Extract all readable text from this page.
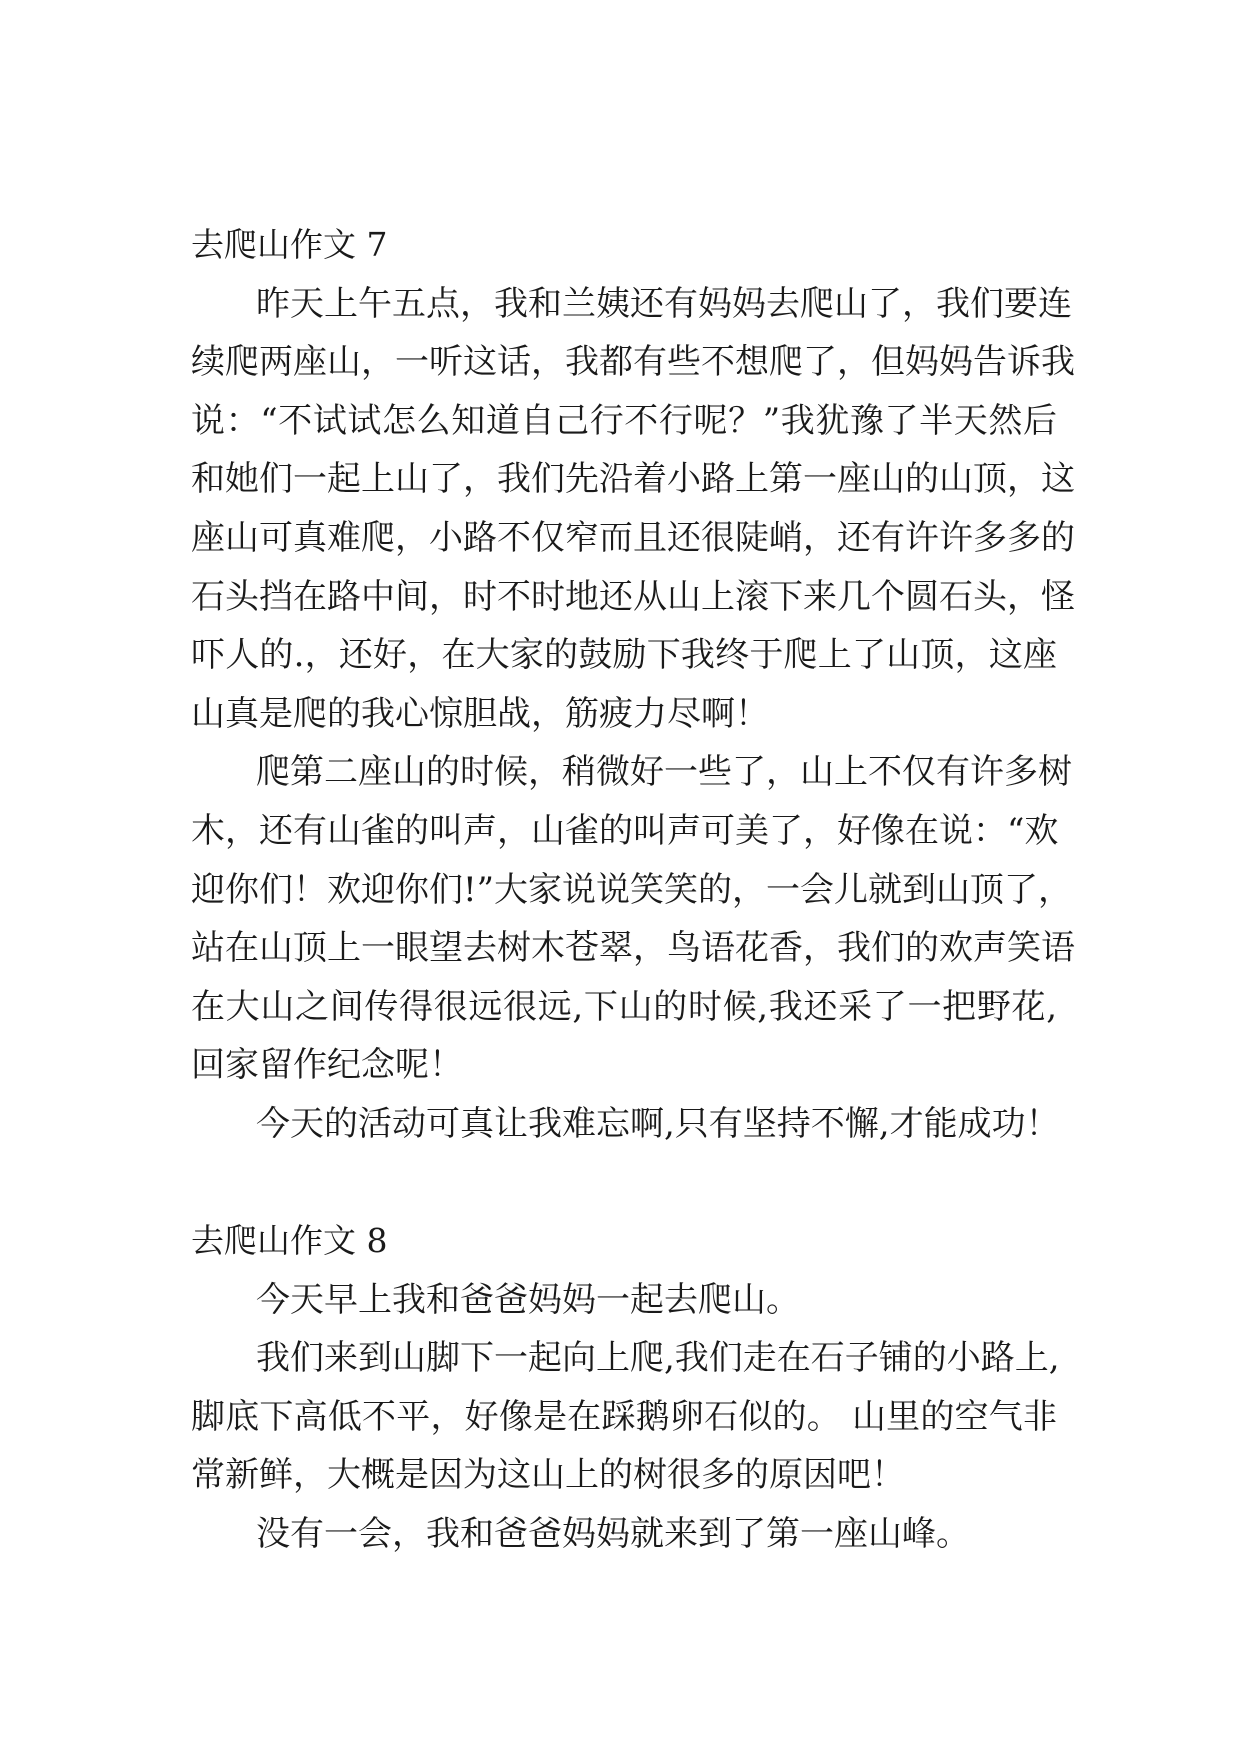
去爬山作文 7
昨天上午五点，我和兰姨还有妈妈去爬山了，我们要连
续爬两座山，一听这话，我都有些不想爬了，但妈妈告诉我
说：“不试试怎么知道自己行不行呢？”我犹豫了半天然后
和她们一起上山了，我们先沿着小路上第一座山的山顶，这
座山可真难爬，小路不仅窄而且还很陡峭，还有许许多多的
石头挡在路中间，时不时地还从山上滚下来几个圆石头，怪
吓人的.，还好，在大家的鼓励下我终于爬上了山顶，这座
山真是爬的我心惊胆战，筋疲力尽啊！
爬第二座山的时候，稍微好一些了，山上不仅有许多树
木，还有山雀的叫声，山雀的叫声可美了，好像在说：“欢
迎你们！欢迎你们!”大家说说笑笑的，一会儿就到山顶了，
站在山顶上一眼望去树木苍翠，鸟语花香，我们的欢声笑语
在大山之间传得很远很远,下山的时候,我还采了一把野花,
回家留作纪念呢！
今天的活动可真让我难忘啊,只有坚持不懈,才能成功！
去爬山作文 8
今天早上我和爸爸妈妈一起去爬山。
我们来到山脚下一起向上爬,我们走在石子铺的小路上,
脚底下高低不平，好像是在踩鹅卵石似的。 山里的空气非
常新鲜，大概是因为这山上的树很多的原因吧！
没有一会，我和爸爸妈妈就来到了第一座山峰。
